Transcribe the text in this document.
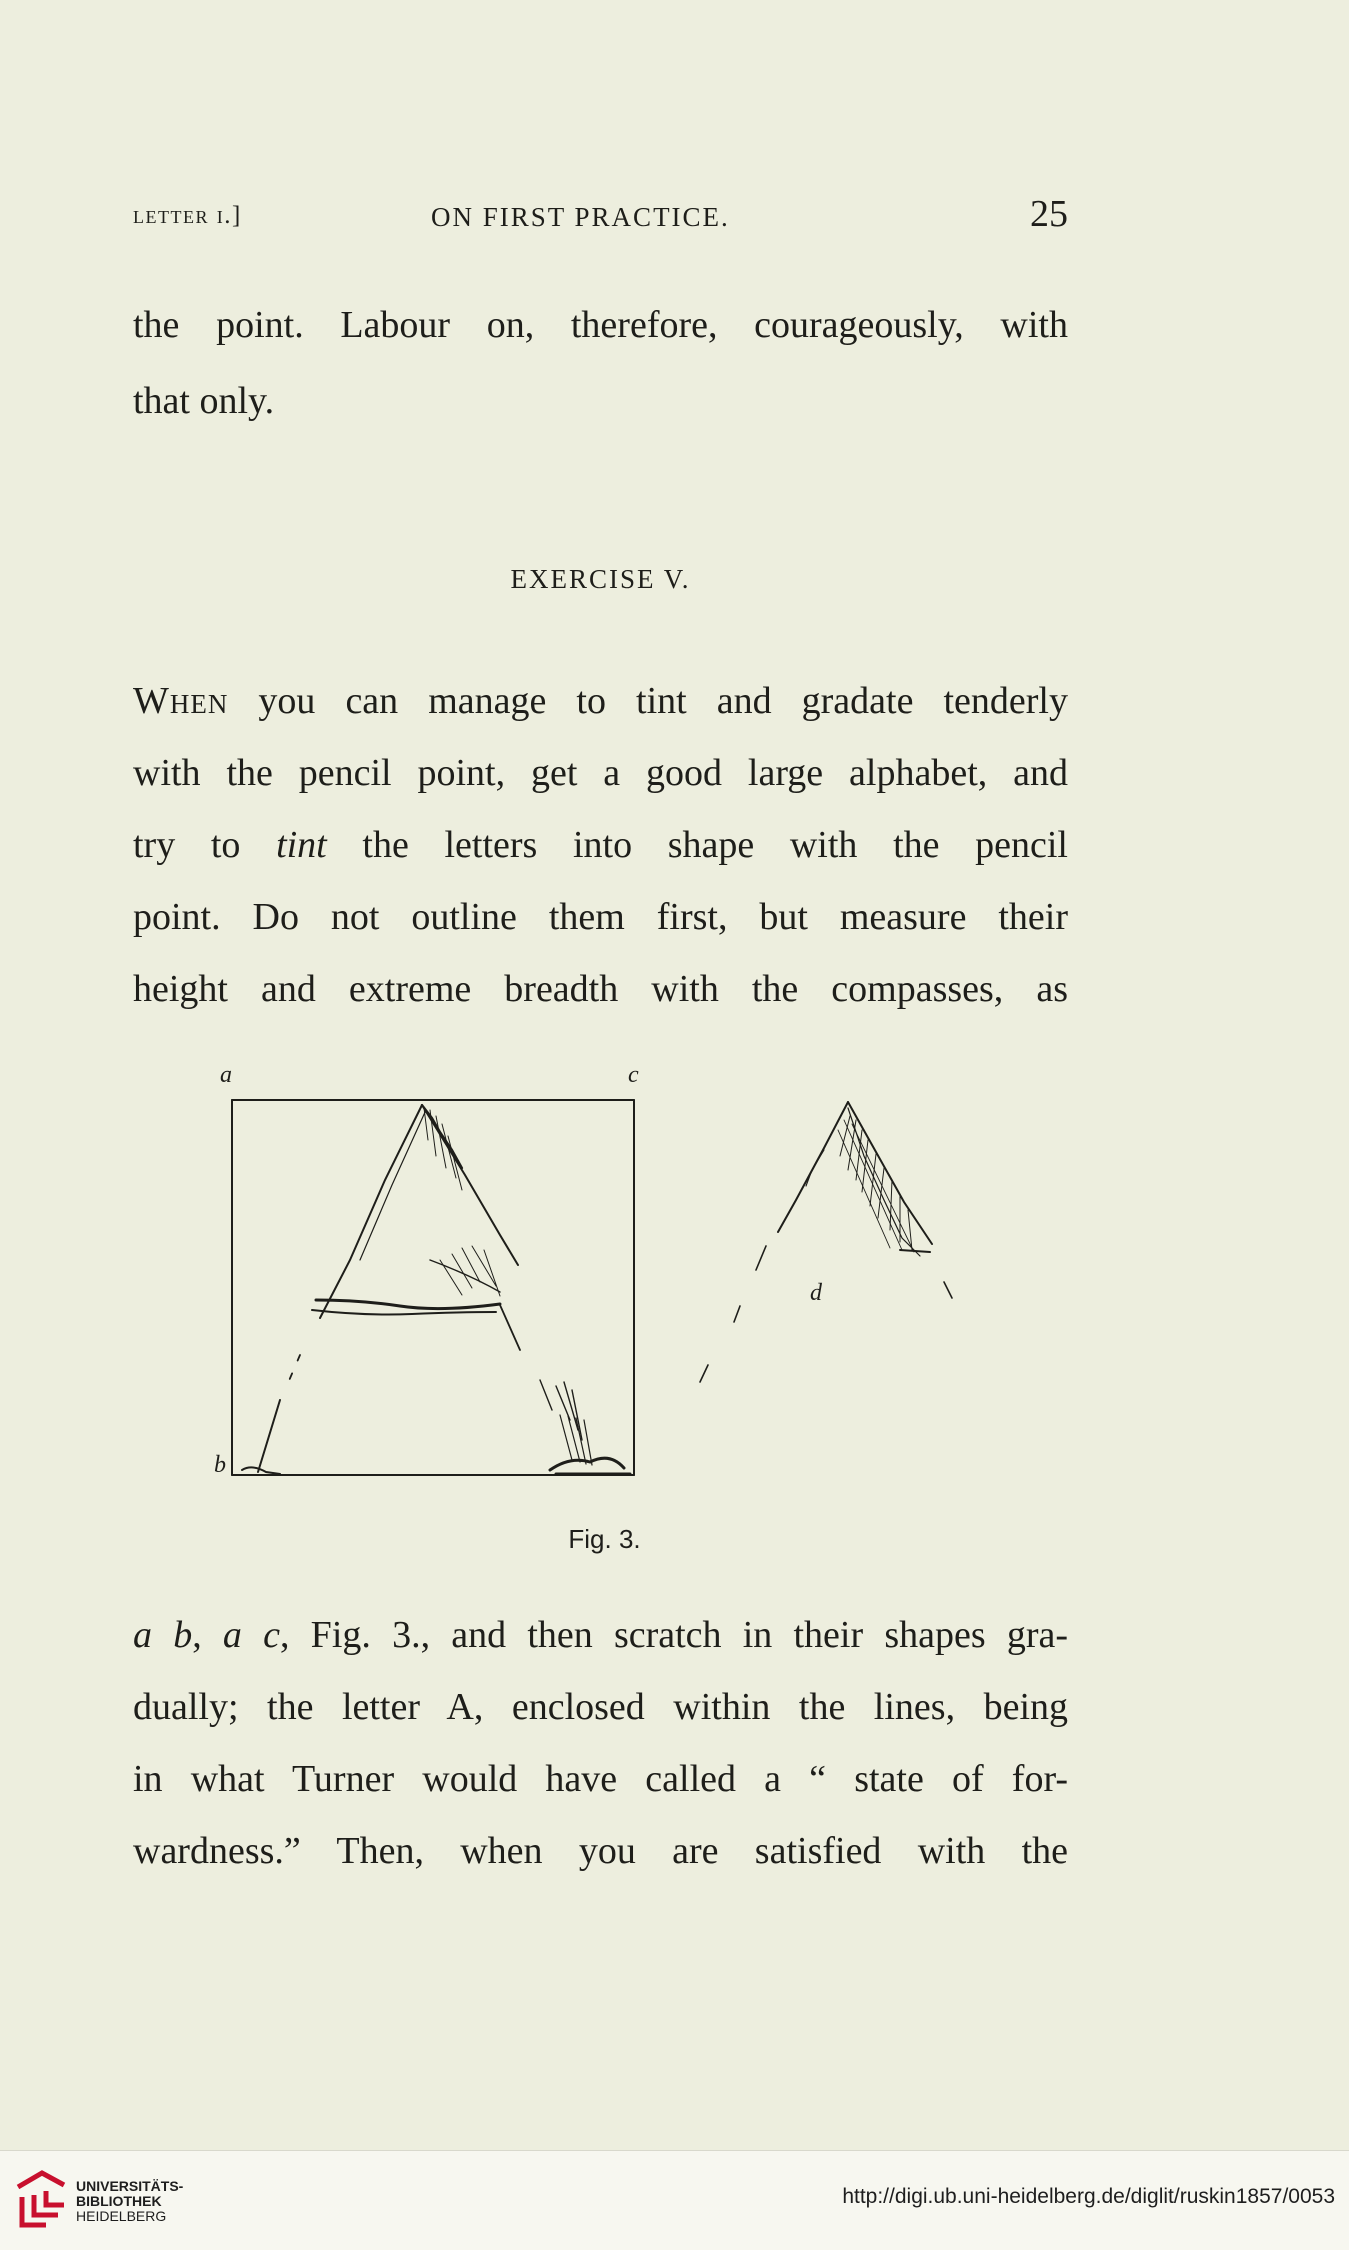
letter i.]	ON FIRST PRACTICE.	25
the point. Labour on, therefore, courageously, with
that only.
EXERCISE V.
When you can manage to tint and gradate tenderly
with the pencil point, get a good large alphabet, and
try to tint the letters into shape with the pencil
point. Do not outline them first, but measure their
height and extreme breadth with the compasses, as
a	c
b
d
Fig. 3.
a b, a c, Fig. 3., and then scratch in their shapes gra-
dually; the letter A, enclosed within the lines, being
in what Turner would have called a “ state of for-
wardness.” Then, when you are satisfied with the
UNIVERSITÄTS-
BIBLIOTHEK
HEIDELBERG
http://digi.ub.uni-heidelberg.de/diglit/ruskin1857/0053
